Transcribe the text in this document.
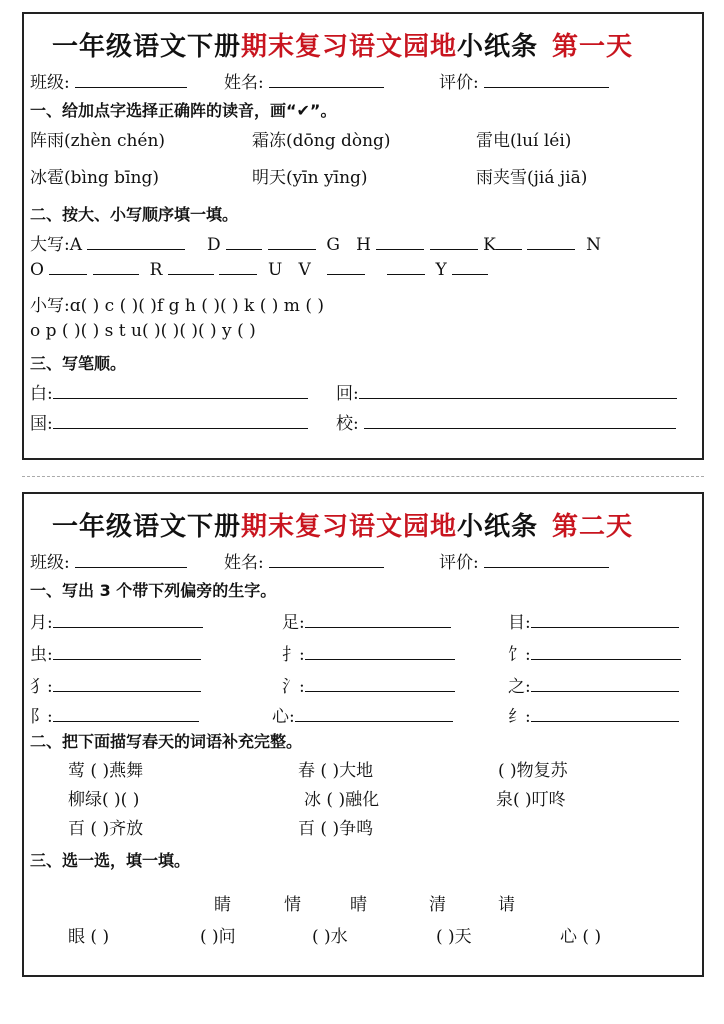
一年级语文下册期末复习语文园地小纸条 第一天
班级:	姓名:	评价:
一、给加点字选择正确阵的读音，画“✔”。
阵雨(zhèn chén)	霜冻(dōng dòng)	雷电(luí léi)
冰雹(bìng bīng)	明天(yīn yīng)	雨夹雪(jiá jiā)
二、按大、小写顺序填一填。
大写:A	D	G H	K	N
O	R	U V	Y
小写:ɑ( ) c ( )( )f g h ( )( ) k ( ) m ( )
o p ( )( ) s t u( )( )( )( ) y ( )
三、写笔顺。
白:	回:
国:	校:
一年级语文下册期末复习语文园地小纸条 第二天
班级:	姓名:	评价:
一、写出 3 个带下列偏旁的生字。
月:	足:	目:
虫:	扌:	饣:
犭:	氵:	之:
阝:	心:	纟:
二、把下面描写春天的词语补充完整。
莺 ( )燕舞	春 ( )大地	( )物复苏
柳绿( )( )	冰 ( )融化	泉( )叮咚
百 ( )齐放	百 ( )争鸣
三、选一选，填一填。
睛	情	晴	清	请
眼 ( )	( )问	( )水	( )天	心 ( )
